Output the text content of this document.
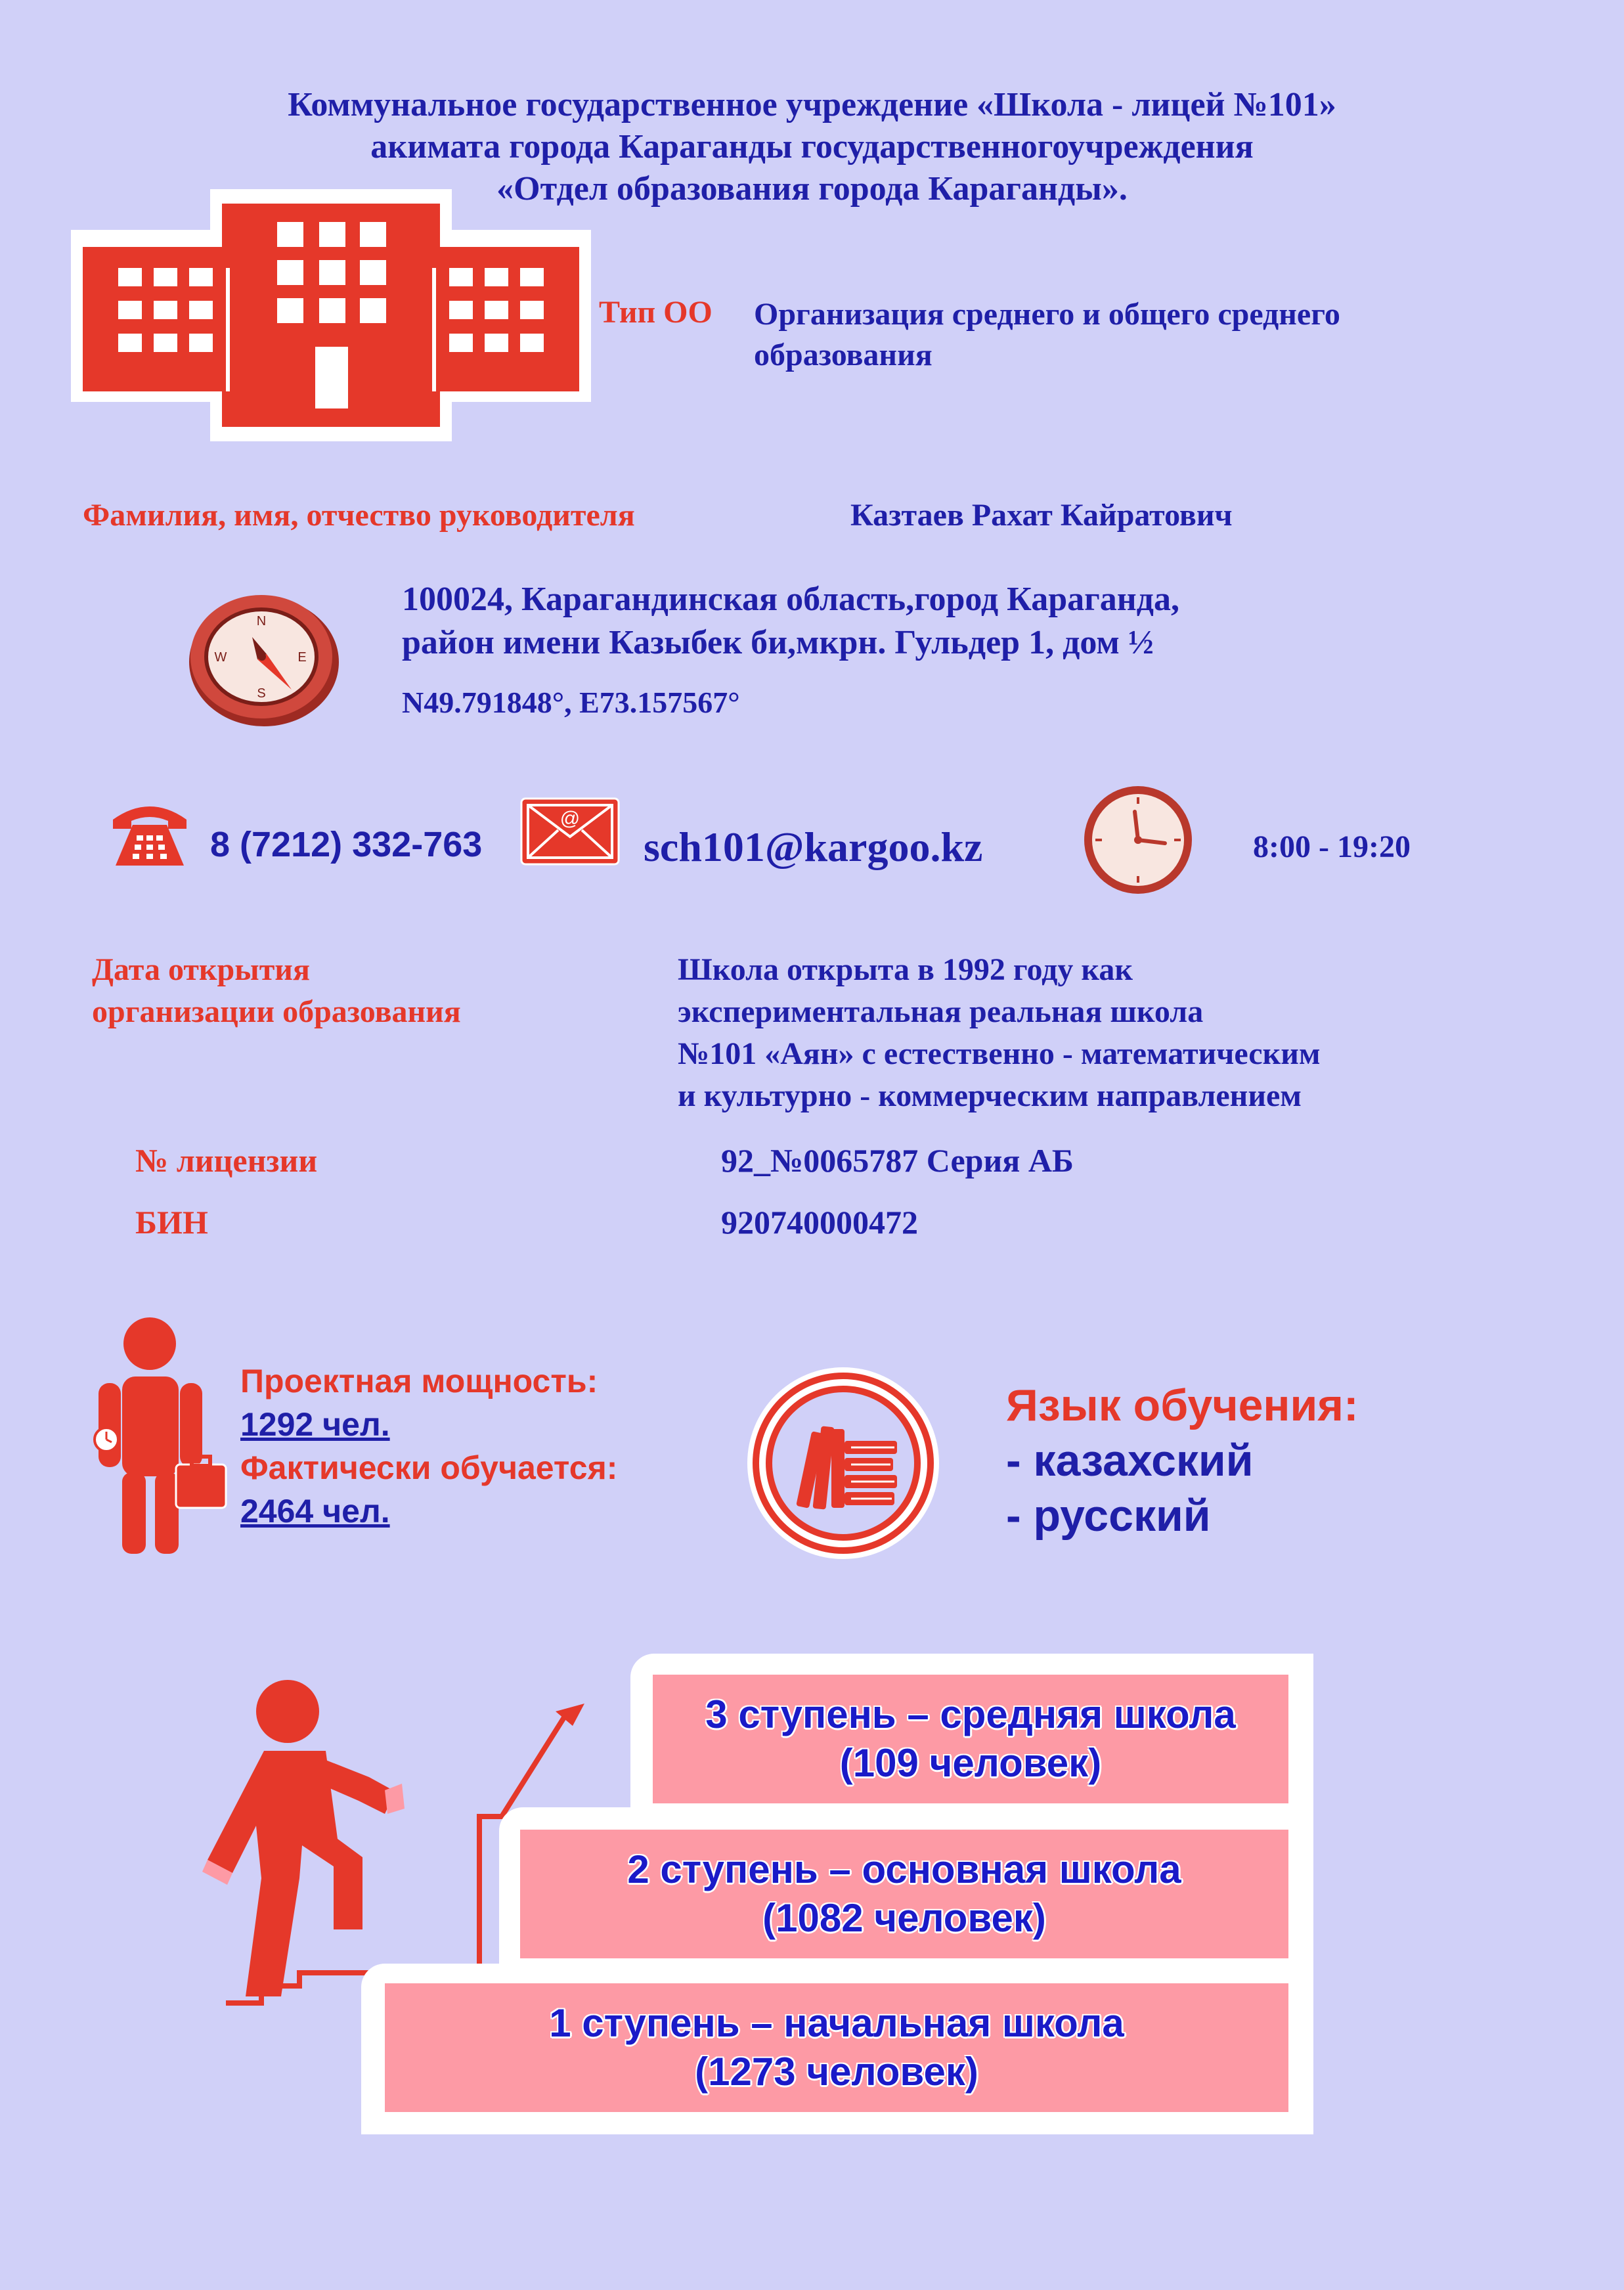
Коммунальное государственное учреждение «Школа - лицей №101»
акимата города Караганды государственногоучреждения
«Отдел образования города Караганды».
Тип ОО Организация среднего и общего среднего
образования
Фамилия, имя, отчество руководителя	Казтаев Рахат Кайратович
N
S
W	E
100024, Карагандинская область,город Караганда,
район имени Казыбек би,мкрн. Гульдер 1, дом ½
N49.791848°, E73.157567°
8 (7212) 332-763
@
sch101@kargoo.kz	8:00 - 19:20
Дата открытия
организации образования
Школа открыта в 1992 году как
экспериментальная реальная школа
№101 «Аян» с естественно - математическим
и культурно - коммерческим направлением
№ лицензии	92_№0065787 Серия АБ
БИН	920740000472
Проектная мощность:
1292 чел.
Фактически обучается:
2464 чел.
Язык обучения:
- казахский
- русский
1 ступень – начальная школа
(1273 человек)
2 ступень – основная школа
(1082 человек)
3 ступень – средняя школа
(109 человек)
